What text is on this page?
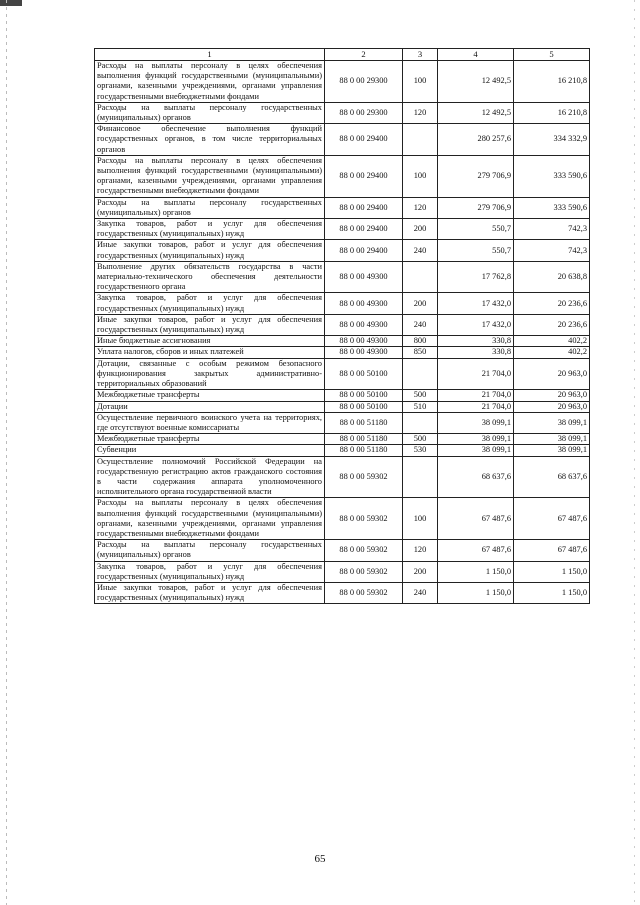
1	2	3	4	5
Расходы на выплаты персоналу в целях обеспечения выполнения функций государственными (муниципальными) органами, казенными учреждениями, органами управления государственными внебюджетными фондами	88 0 00 29300	100	12 492,5	16 210,8
Расходы на выплаты персоналу государственных (муниципальных) органов	88 0 00 29300	120	12 492,5	16 210,8
Финансовое обеспечение выполнения функций государственных органов, в том числе территориальных органов	88 0 00 29400		280 257,6	334 332,9
Расходы на выплаты персоналу в целях обеспечения выполнения функций государственными (муниципальными) органами, казенными учреждениями, органами управления государственными внебюджетными фондами	88 0 00 29400	100	279 706,9	333 590,6
Расходы на выплаты персоналу государственных (муниципальных) органов	88 0 00 29400	120	279 706,9	333 590,6
Закупка товаров, работ и услуг для обеспечения государственных (муниципальных) нужд	88 0 00 29400	200	550,7	742,3
Иные закупки товаров, работ и услуг для обеспечения государственных (муниципальных) нужд	88 0 00 29400	240	550,7	742,3
Выполнение других обязательств государства в части материально-технического обеспечения деятельности государственного органа	88 0 00 49300		17 762,8	20 638,8
Закупка товаров, работ и услуг для обеспечения государственных (муниципальных) нужд	88 0 00 49300	200	17 432,0	20 236,6
Иные закупки товаров, работ и услуг для обеспечения государственных (муниципальных) нужд	88 0 00 49300	240	17 432,0	20 236,6
Иные бюджетные ассигнования	88 0 00 49300	800	330,8	402,2
Уплата налогов, сборов и иных платежей	88 0 00 49300	850	330,8	402,2
Дотации, связанные с особым режимом безопасного функционирования закрытых административно-территориальных образований	88 0 00 50100		21 704,0	20 963,0
Межбюджетные трансферты	88 0 00 50100	500	21 704,0	20 963,0
Дотации	88 0 00 50100	510	21 704,0	20 963,0
Осуществление первичного воинского учета на территориях, где отсутствуют военные комиссариаты	88 0 00 51180		38 099,1	38 099,1
Межбюджетные трансферты	88 0 00 51180	500	38 099,1	38 099,1
Субвенции	88 0 00 51180	530	38 099,1	38 099,1
Осуществление полномочий Российской Федерации на государственную регистрацию актов гражданского состояния в части содержания аппарата уполномоченного исполнительного органа государственной власти	88 0 00 59302		68 637,6	68 637,6
Расходы на выплаты персоналу в целях обеспечения выполнения функций государственными (муниципальными) органами, казенными учреждениями, органами управления государственными внебюджетными фондами	88 0 00 59302	100	67 487,6	67 487,6
Расходы на выплаты персоналу государственных (муниципальных) органов	88 0 00 59302	120	67 487,6	67 487,6
Закупка товаров, работ и услуг для обеспечения государственных (муниципальных) нужд	88 0 00 59302	200	1 150,0	1 150,0
Иные закупки товаров, работ и услуг для обеспечения государственных (муниципальных) нужд	88 0 00 59302	240	1 150,0	1 150,0
65
